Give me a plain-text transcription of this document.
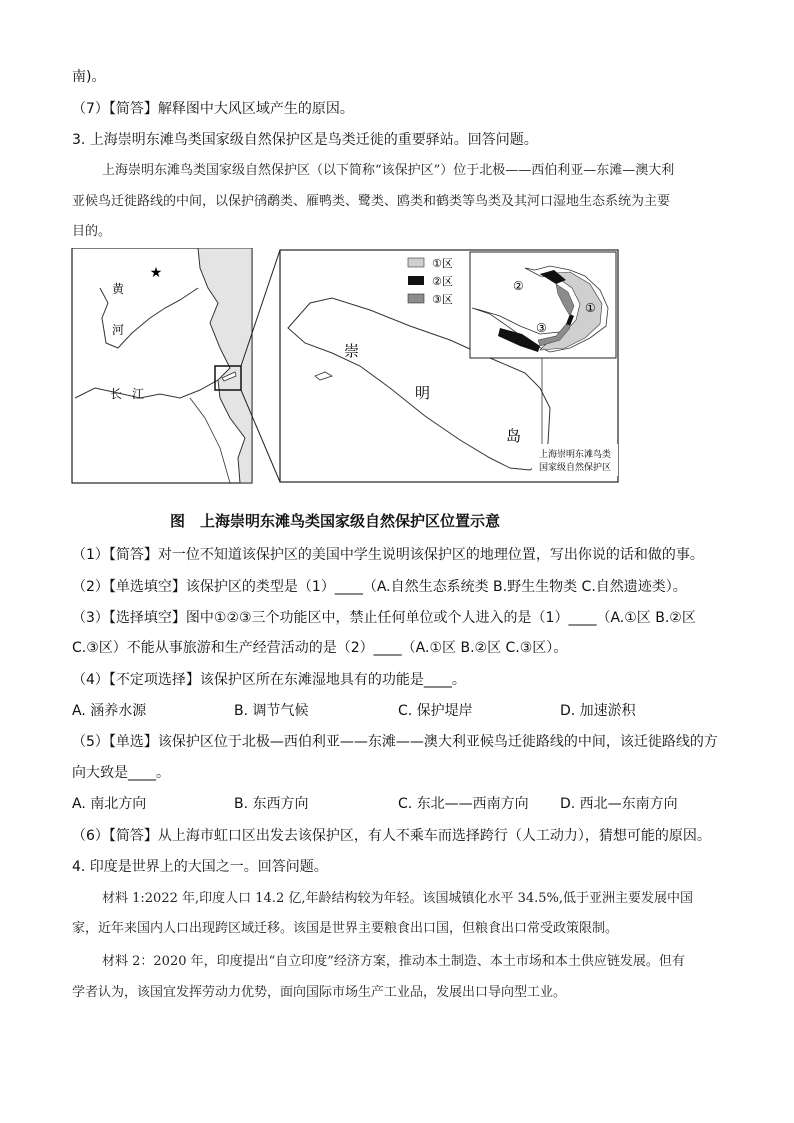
南)。
（7）【简答】解释图中大风区域产生的原因。
3. 上海崇明东滩鸟类国家级自然保护区是鸟类迁徙的重要驿站。回答问题。
上海崇明东滩鸟类国家级自然保护区（以下简称“该保护区”）位于北极——西伯利亚—东滩—澳大利
亚候鸟迁徙路线的中间，以保护鸻鹬类、雁鸭类、鹭类、鸥类和鹤类等鸟类及其河口湿地生态系统为主要
目的。
★
黄
河
长 江
崇
明
岛
上海崇明东滩鸟类
国家级自然保护区
①区
②区
③区
②
①
③
图　上海崇明东滩鸟类国家级自然保护区位置示意
（1）【简答】对一位不知道该保护区的美国中学生说明该保护区的地理位置，写出你说的话和做的事。
（2）【单选填空】该保护区的类型是（1）____（A.自然生态系统类 B.野生生物类 C.自然遗迹类）。
（3）【选择填空】图中①②③三个功能区中，禁止任何单位或个人进入的是（1）____（A.①区 B.②区
C.③区）不能从事旅游和生产经营活动的是（2）____（A.①区 B.②区 C.③区）。
（4）【不定项选择】该保护区所在东滩湿地具有的功能是____。
A. 涵养水源	B. 调节气候	C. 保护堤岸	D. 加速淤积
（5）【单选】该保护区位于北极—西伯利亚——东滩——澳大利亚候鸟迁徙路线的中间，该迁徙路线的方
向大致是____。
A. 南北方向	B. 东西方向	C. 东北——西南方向 D. 西北—东南方向
（6）【简答】从上海市虹口区出发去该保护区，有人不乘车而选择跨行（人工动力），猜想可能的原因。
4. 印度是世界上的大国之一。回答问题。
材料 1:2022 年,印度人口 14.2 亿,年龄结构较为年轻。该国城镇化水平 34.5%,低于亚洲主要发展中国
家，近年来国内人口出现跨区域迁移。该国是世界主要粮食出口国，但粮食出口常受政策限制。
材料 2：2020 年，印度提出“自立印度”经济方案，推动本土制造、本土市场和本土供应链发展。但有
学者认为，该国宜发挥劳动力优势，面向国际市场生产工业品，发展出口导向型工业。
